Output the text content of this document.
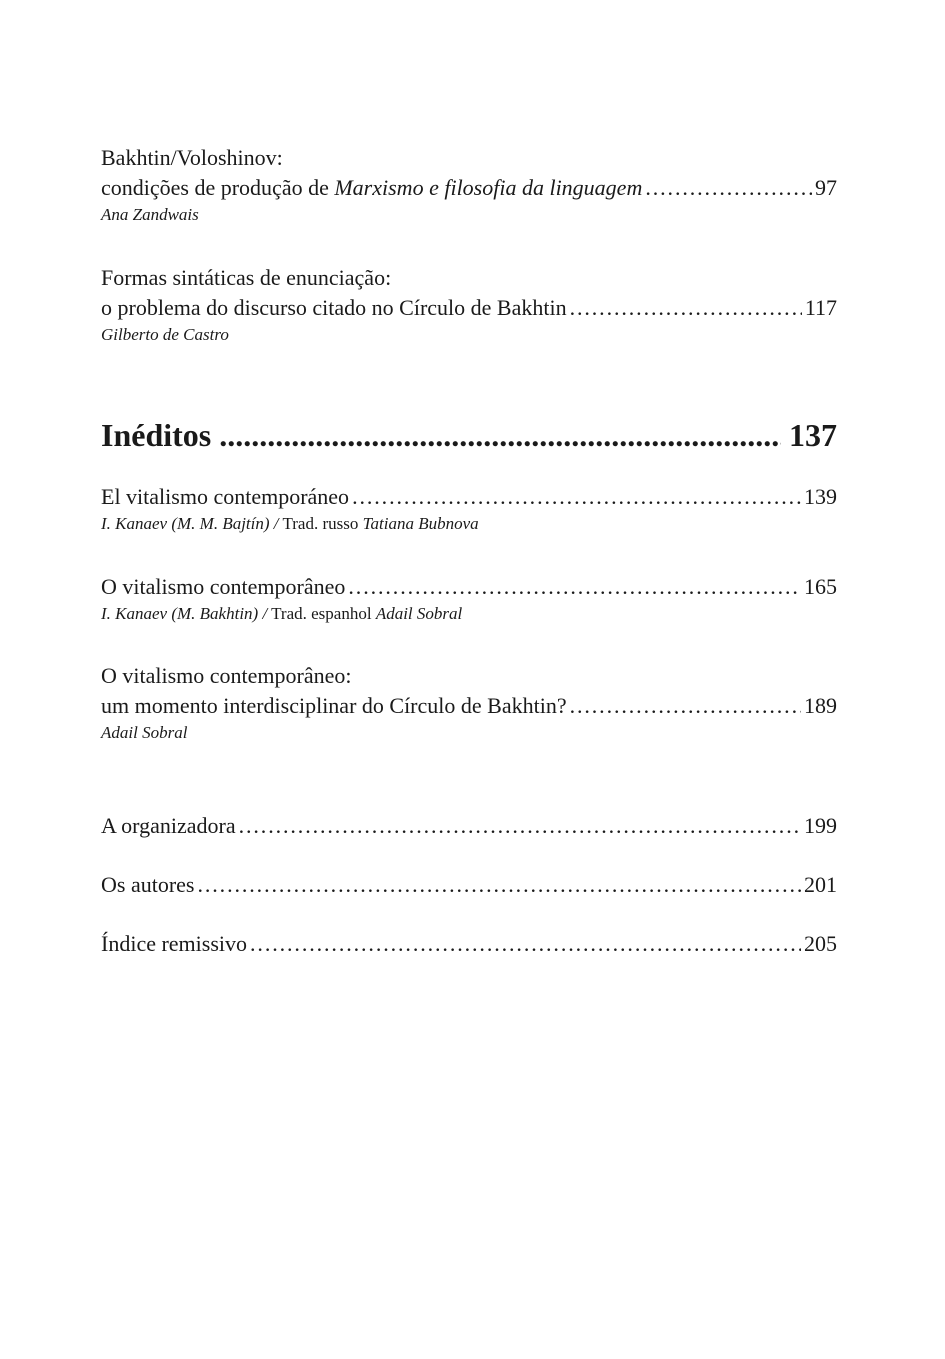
Bakhtin/Voloshinov:
condições de produção de Marxismo e filosofia da linguagem . . .	97
Ana Zandwais
Formas sintáticas de enunciação:
o problema do discurso citado no Círculo de Bakhtin . . .	117
Gilberto de Castro
Inéditos . . .	137
El vitalismo contemporáneo . . .	139
I. Kanaev (M. M. Bajtín) / Trad. russo Tatiana Bubnova
O vitalismo contemporâneo . . .	165
I. Kanaev (M. Bakhtin) / Trad. espanhol Adail Sobral
O vitalismo contemporâneo:
um momento interdisciplinar do Círculo de Bakhtin? . . .	189
Adail Sobral
A organizadora . . .	199
Os autores . . .	201
Índice remissivo . . .	205
